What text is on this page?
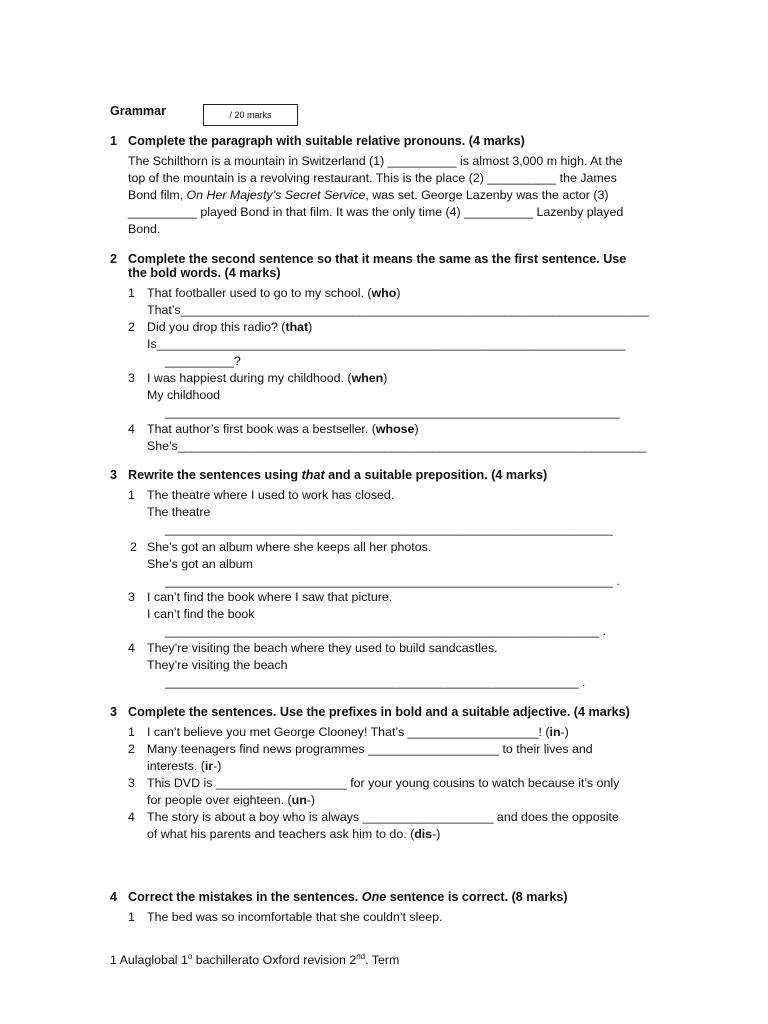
Grammar	/ 20 marks
1 Complete the paragraph with suitable relative pronouns. (4 marks)
The Schilthorn is a mountain in Switzerland (1) __________ is almost 3,000 m high. At the
top of the mountain is a revolving restaurant. This is the place (2) __________ the James
Bond film, On Her Majesty’s Secret Service, was set. George Lazenby was the actor (3)
__________ played Bond in that film. It was the only time (4) __________ Lazenby played
Bond.
2 Complete the second sentence so that it means the same as the first sentence. Use
the bold words. (4 marks)
1 That footballer used to go to my school. (who)
That’s____________________________________________________________________
2 Did you drop this radio? (that)
Is____________________________________________________________________
__________?
3 I was happiest during my childhood. (when)
My childhood
__________________________________________________________________
4 That author’s first book was a bestseller. (whose)
She’s____________________________________________________________________
3 Rewrite the sentences using that and a suitable preposition. (4 marks)
1 The theatre where I used to work has closed.
The theatre
_________________________________________________________________
2 She’s got an album where she keeps all her photos.
She’s got an album
_________________________________________________________________ .
3 I can’t find the book where I saw that picture.
I can’t find the book
_______________________________________________________________ .
4 They’re visiting the beach where they used to build sandcastles.
They’re visiting the beach
____________________________________________________________ .
3 Complete the sentences. Use the prefixes in bold and a suitable adjective. (4 marks)
1 I can’t believe you met George Clooney! That’s ___________________! (in-)
2 Many teenagers find news programmes ___________________ to their lives and
interests. (ir-)
3 This DVD is ___________________ for your young cousins to watch because it’s only
for people over eighteen. (un-)
4 The story is about a boy who is always ___________________ and does the opposite
of what his parents and teachers ask him to do. (dis-)
4 Correct the mistakes in the sentences. One sentence is correct. (8 marks)
1 The bed was so incomfortable that she couldn’t sleep.
1 Aulaglobal 1$^o$ bachillerato Oxford revision 2nd. Term
